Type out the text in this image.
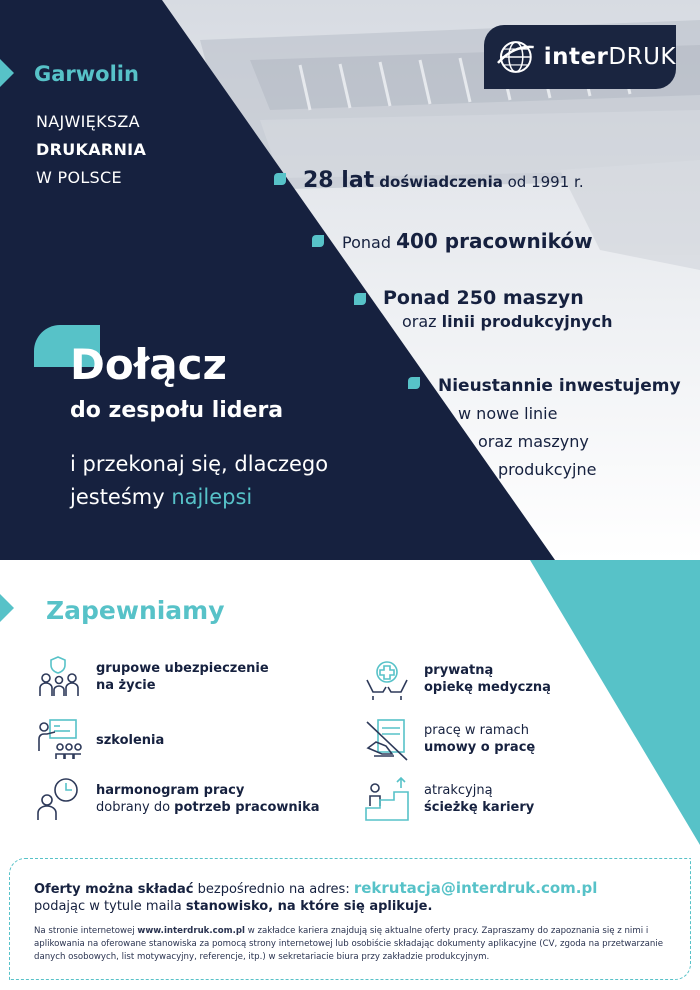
Garwolin
NAJWIĘKSZA
DRUKARNIA
W POLSCE
interDRUK
28 lat doświadczenia od 1991 r.
Ponad 400 pracowników
Ponad 250 maszyn
oraz linii produkcyjnych
Nieustannie inwestujemy
w nowe linie
oraz maszyny
produkcyjne
Dołącz
do zespołu lidera
i przekonaj się, dlaczego
jesteśmy najlepsi
Zapewniamy
grupowe ubezpieczenie
na życie
prywatną
opiekę medyczną
szkolenia
pracę w ramach
umowy o pracę
harmonogram pracy
dobrany do potrzeb pracownika
atrakcyjną
ścieżkę kariery
Oferty można składać bezpośrednio na adres: rekrutacja@interdruk.com.pl
podając w tytule maila stanowisko, na które się aplikuje.
Na stronie internetowej www.interdruk.com.pl w zakładce kariera znajdują się aktualne oferty pracy. Zapraszamy do zapoznania się z nimi i aplikowania na oferowane stanowiska za pomocą strony internetowej lub osobiście składając dokumenty aplikacyjne (CV, zgoda na przetwarzanie danych osobowych, list motywacyjny, referencje, itp.) w sekretariacie biura przy zakładzie produkcyjnym.
